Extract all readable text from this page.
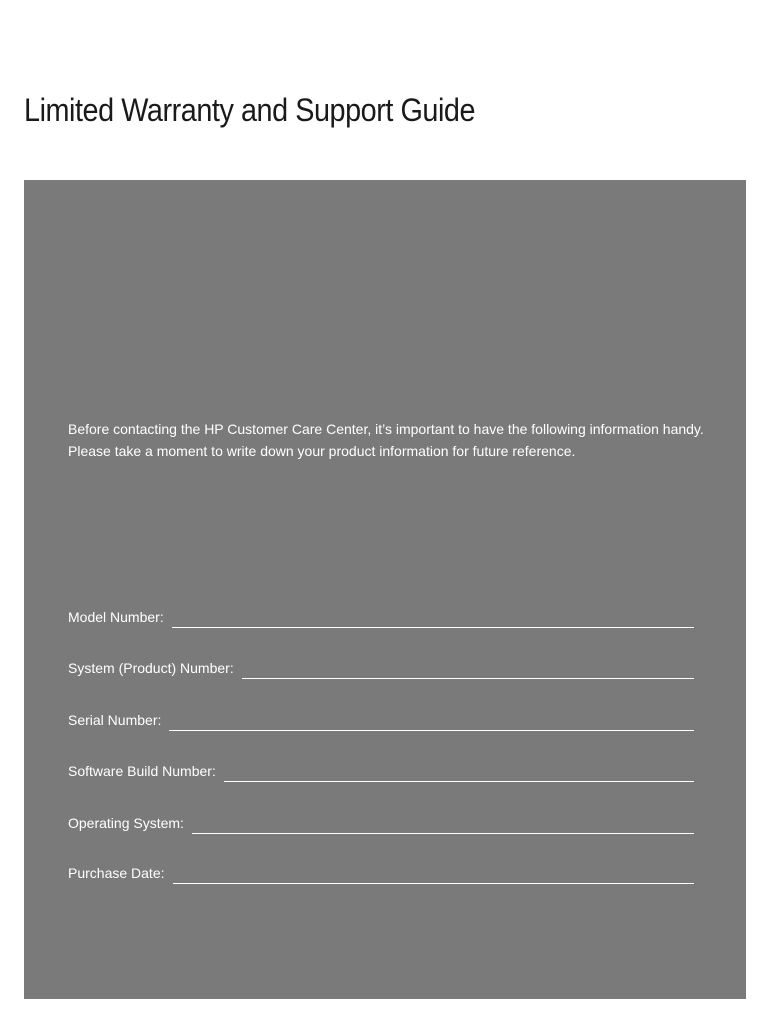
Limited Warranty and Support Guide

Before contacting the HP Customer Care Center, it’s important to have the following information handy.

Please take a moment to write down your product information for future reference.

Model Number:
System (Product) Number:
Serial Number:
Software Build Number:
Operating System:
Purchase Date:
